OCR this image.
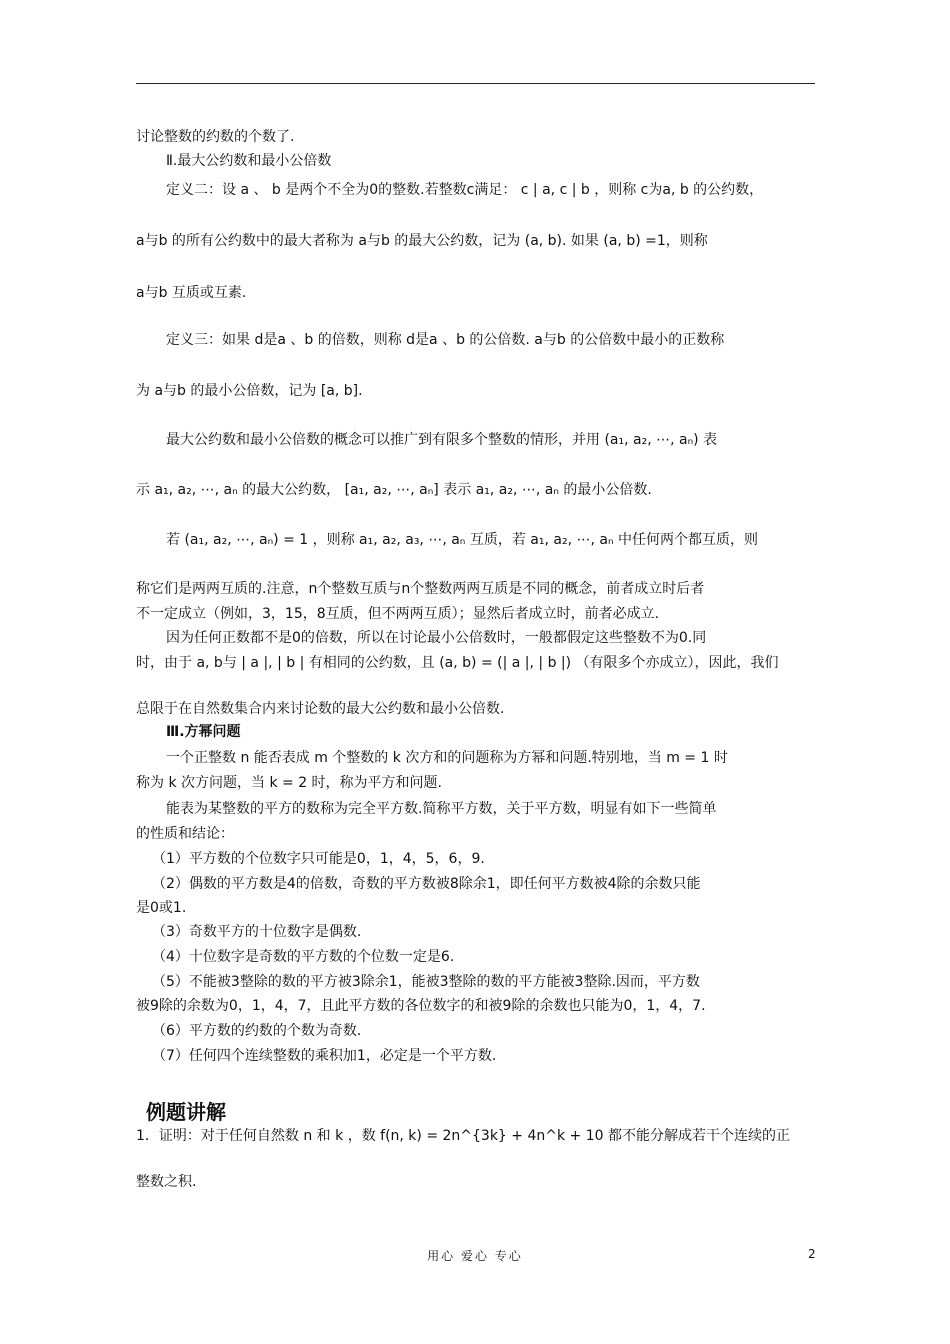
讨论整数的约数的个数了.
Ⅱ.最大公约数和最小公倍数
定义二：设 a 、 b 是两个不全为0的整数.若整数c满足： c | a, c | b ，则称 c为a, b 的公约数，
a与b 的所有公约数中的最大者称为 a与b 的最大公约数，记为 (a, b). 如果 (a, b) =1，则称
a与b 互质或互素.
定义三：如果 d是a 、b 的倍数，则称 d是a 、b 的公倍数. a与b 的公倍数中最小的正数称
为 a与b 的最小公倍数，记为 [a, b].
最大公约数和最小公倍数的概念可以推广到有限多个整数的情形，并用 (a₁, a₂, ⋯, aₙ) 表
示 a₁, a₂, ⋯, aₙ 的最大公约数， [a₁, a₂, ⋯, aₙ] 表示 a₁, a₂, ⋯, aₙ 的最小公倍数.
若 (a₁, a₂, ⋯, aₙ) = 1 ，则称 a₁, a₂, a₃, ⋯, aₙ 互质，若 a₁, a₂, ⋯, aₙ 中任何两个都互质，则
称它们是两两互质的.注意，n个整数互质与n个整数两两互质是不同的概念，前者成立时后者
不一定成立（例如，3，15，8互质，但不两两互质）；显然后者成立时，前者必成立.
因为任何正数都不是0的倍数，所以在讨论最小公倍数时，一般都假定这些整数不为0.同
时，由于 a, b与 | a |, | b | 有相同的公约数，且 (a, b) = (| a |, | b |) （有限多个亦成立），因此，我们
总限于在自然数集合内来讨论数的最大公约数和最小公倍数.
Ⅲ.方幂问题
一个正整数 n 能否表成 m 个整数的 k 次方和的问题称为方幂和问题.特别地，当 m = 1 时
称为 k 次方问题，当 k = 2 时，称为平方和问题.
能表为某整数的平方的数称为完全平方数.简称平方数，关于平方数，明显有如下一些简单
的性质和结论：
（1）平方数的个位数字只可能是0，1，4，5，6，9.
（2）偶数的平方数是4的倍数，奇数的平方数被8除余1，即任何平方数被4除的余数只能
是0或1.
（3）奇数平方的十位数字是偶数.
（4）十位数字是奇数的平方数的个位数一定是6.
（5）不能被3整除的数的平方被3除余1，能被3整除的数的平方能被3整除.因而，平方数
被9除的余数为0，1，4，7，且此平方数的各位数字的和被9除的余数也只能为0，1，4，7.
（6）平方数的约数的个数为奇数.
（7）任何四个连续整数的乘积加1，必定是一个平方数.
例题讲解
1．证明：对于任何自然数 n 和 k ，数 f(n, k) = 2n^{3k} + 4n^k + 10 都不能分解成若干个连续的正
整数之积.
用心 爱心 专心	2
